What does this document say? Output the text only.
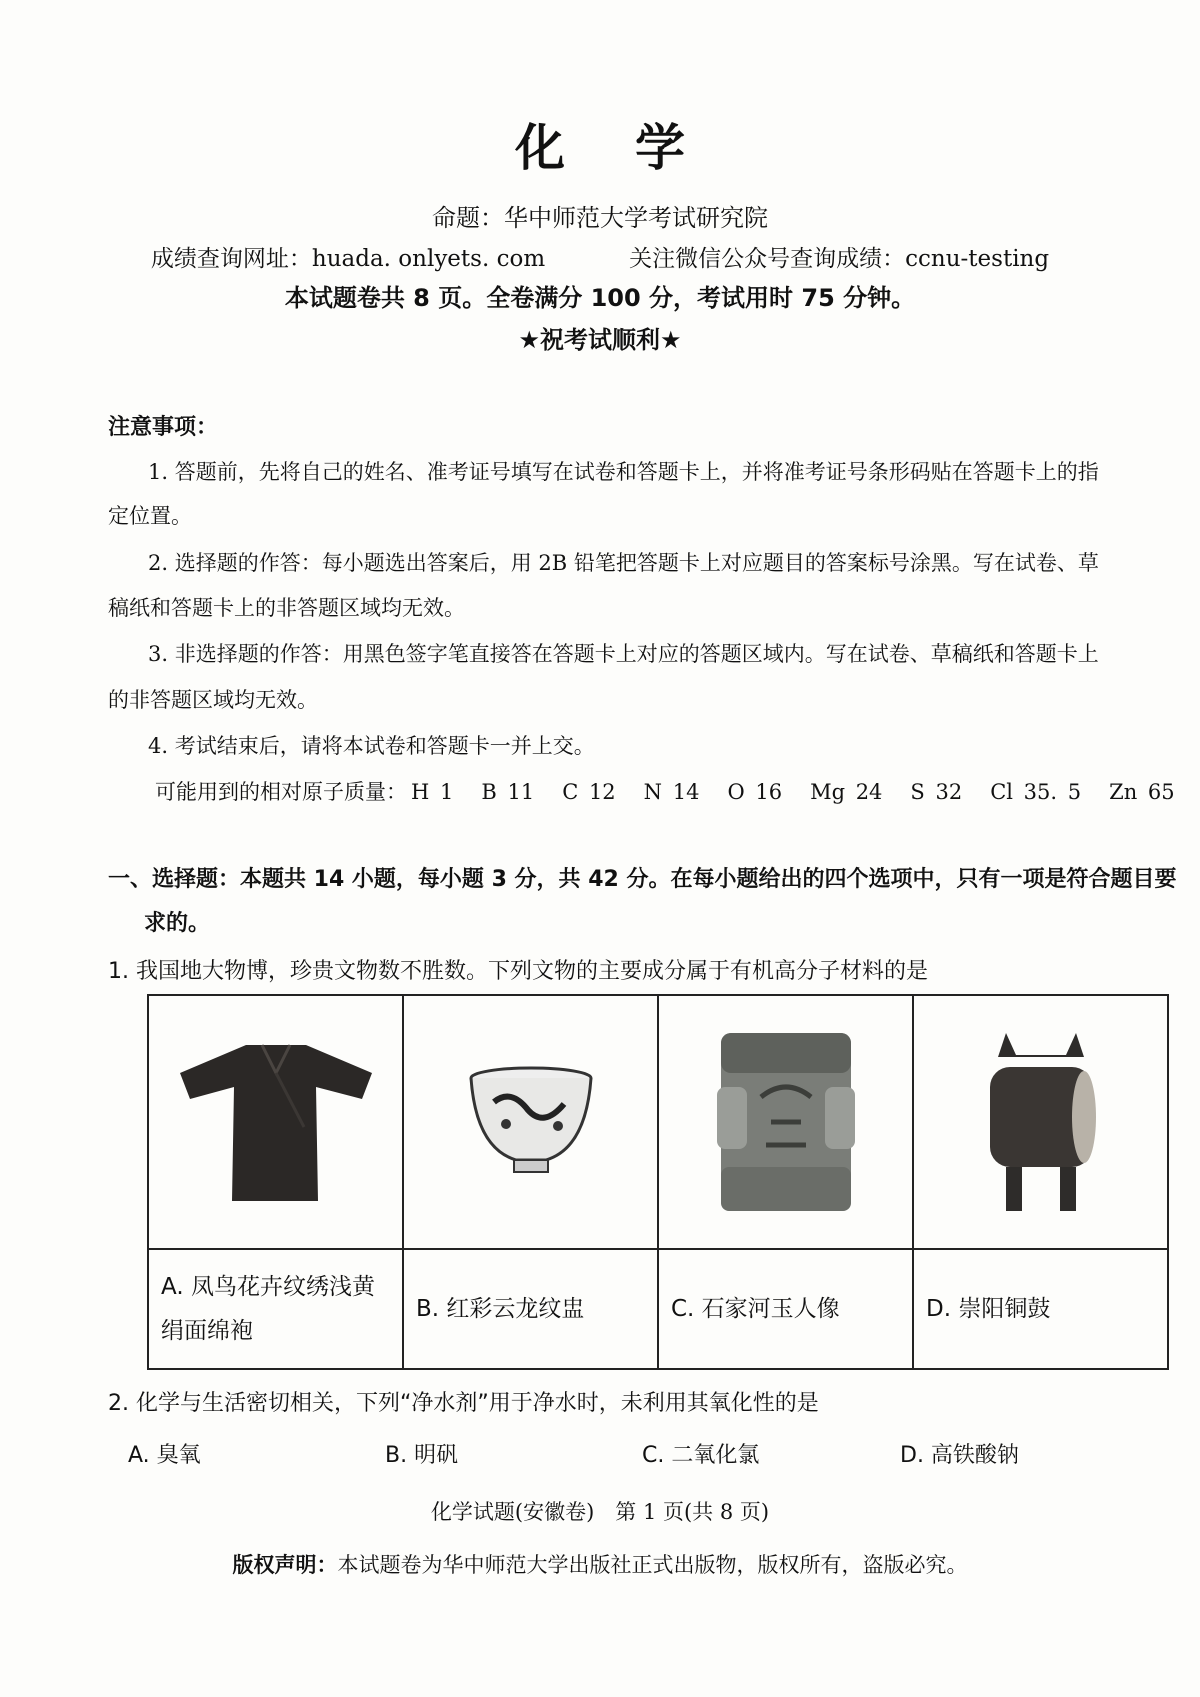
化学
命题：华中师范大学考试研究院
成绩查询网址：huada. onlyets. com	关注微信公众号查询成绩：ccnu-testing
本试题卷共 8 页。全卷满分 100 分，考试用时 75 分钟。
★祝考试顺利★
注意事项：
1. 答题前，先将自己的姓名、准考证号填写在试卷和答题卡上，并将准考证号条形码贴在答题卡上的指
定位置。
2. 选择题的作答：每小题选出答案后，用 2B 铅笔把答题卡上对应题目的答案标号涂黑。写在试卷、草
稿纸和答题卡上的非答题区域均无效。
3. 非选择题的作答：用黑色签字笔直接答在答题卡上对应的答题区域内。写在试卷、草稿纸和答题卡上
的非答题区域均无效。
4. 考试结束后，请将本试卷和答题卡一并上交。
可能用到的相对原子质量： H 1 B 11 C 12 N 14 O 16 Mg 24 S 32 Cl 35. 5 Zn 65
一、选择题：本题共 14 小题，每小题 3 分，共 42 分。在每小题给出的四个选项中，只有一项是符合题目要
求的。
1. 我国地大物博，珍贵文物数不胜数。下列文物的主要成分属于有机高分子材料的是

A. 凤鸟花卉纹绣浅黄
绢面绵袍	B. 红彩云龙纹盅	C. 石家河玉人像	D. 崇阳铜鼓
2. 化学与生活密切相关，下列“净水剂”用于净水时，未利用其氧化性的是
A. 臭氧	B. 明矾	C. 二氧化氯	D. 高铁酸钠
化学试题(安徽卷)　第 1 页(共 8 页)
版权声明：本试题卷为华中师范大学出版社正式出版物，版权所有，盗版必究。
